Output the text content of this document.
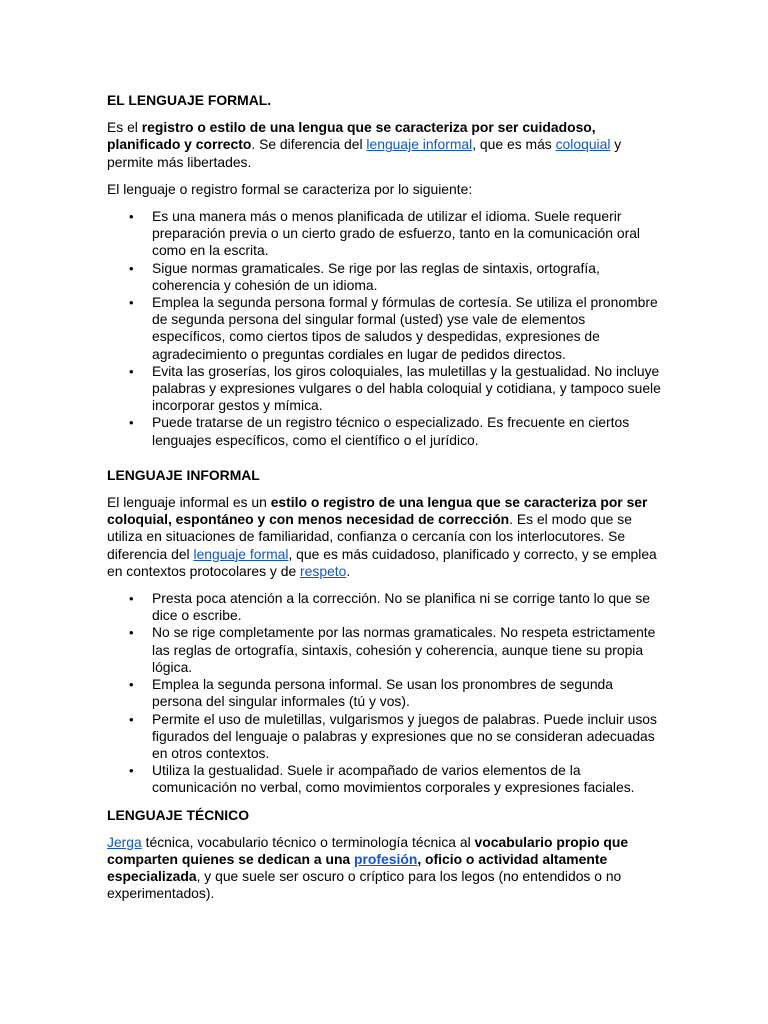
EL LENGUAJE FORMAL.

Es el registro o estilo de una lengua que se caracteriza por ser cuidadoso, planificado y correcto. Se diferencia del lenguaje informal, que es más coloquial y permite más libertades.

El lenguaje o registro formal se caracteriza por lo siguiente:

• Es una manera más o menos planificada de utilizar el idioma. Suele requerir preparación previa o un cierto grado de esfuerzo, tanto en la comunicación oral como en la escrita.
• Sigue normas gramaticales. Se rige por las reglas de sintaxis, ortografía, coherencia y cohesión de un idioma.
• Emplea la segunda persona formal y fórmulas de cortesía. Se utiliza el pronombre de segunda persona del singular formal (usted) yse vale de elementos específicos, como ciertos tipos de saludos y despedidas, expresiones de agradecimiento o preguntas cordiales en lugar de pedidos directos.
• Evita las groserías, los giros coloquiales, las muletillas y la gestualidad. No incluye palabras y expresiones vulgares o del habla coloquial y cotidiana, y tampoco suele incorporar gestos y mímica.
• Puede tratarse de un registro técnico o especializado. Es frecuente en ciertos lenguajes específicos, como el científico o el jurídico.
LENGUAJE INFORMAL

El lenguaje informal es un estilo o registro de una lengua que se caracteriza por ser coloquial, espontáneo y con menos necesidad de corrección. Es el modo que se utiliza en situaciones de familiaridad, confianza o cercanía con los interlocutores. Se diferencia del lenguaje formal, que es más cuidadoso, planificado y correcto, y se emplea en contextos protocolares y de respeto.

• Presta poca atención a la corrección. No se planifica ni se corrige tanto lo que se dice o escribe.
• No se rige completamente por las normas gramaticales. No respeta estrictamente las reglas de ortografía, sintaxis, cohesión y coherencia, aunque tiene su propia lógica.
• Emplea la segunda persona informal. Se usan los pronombres de segunda persona del singular informales (tú y vos).
• Permite el uso de muletillas, vulgarismos y juegos de palabras. Puede incluir usos figurados del lenguaje o palabras y expresiones que no se consideran adecuadas en otros contextos.
• Utiliza la gestualidad. Suele ir acompañado de varios elementos de la comunicación no verbal, como movimientos corporales y expresiones faciales.
LENGUAJE TÉCNICO

Jerga técnica, vocabulario técnico o terminología técnica al vocabulario propio que comparten quienes se dedican a una profesión, oficio o actividad altamente especializada, y que suele ser oscuro o críptico para los legos (no entendidos o no experimentados).
